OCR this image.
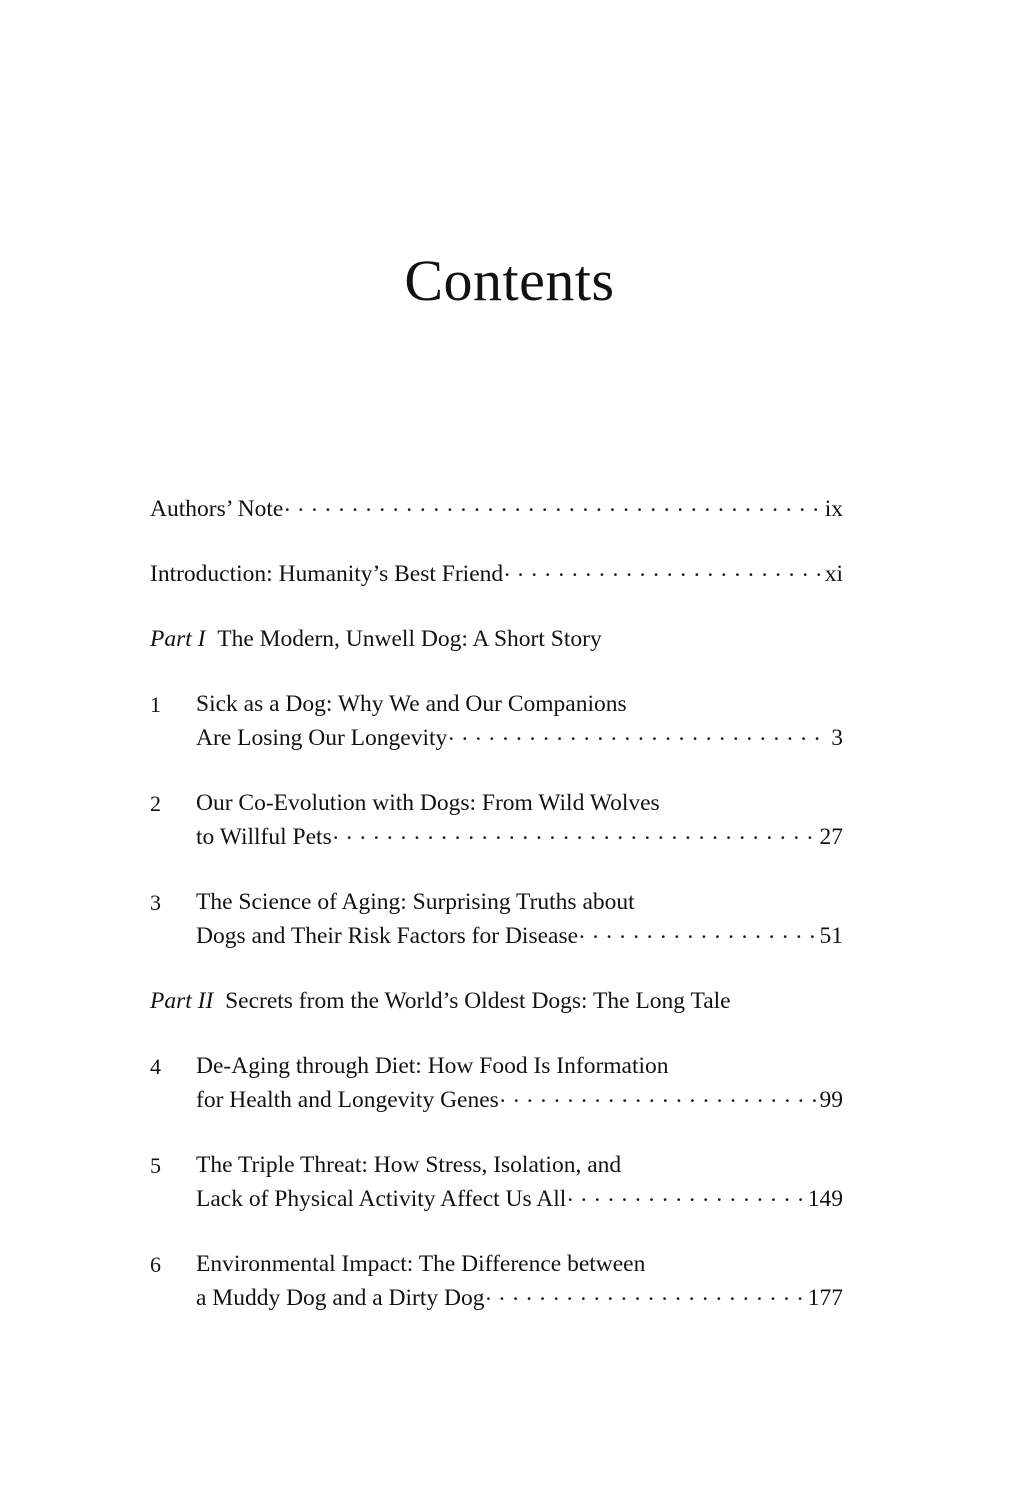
Contents
Authors’ Note . . .	ix
Introduction: Humanity’s Best Friend . . .	xi
Part I The Modern, Unwell Dog: A Short Story
1	Sick as a Dog: Why We and Our Companions
Are Losing Our Longevity . . .	3
2	Our Co-Evolution with Dogs: From Wild Wolves
to Willful Pets . . .	27
3	The Science of Aging: Surprising Truths about
Dogs and Their Risk Factors for Disease . . .	51
Part II Secrets from the World’s Oldest Dogs: The Long Tale
4	De-Aging through Diet: How Food Is Information
for Health and Longevity Genes . . .	99
5	The Triple Threat: How Stress, Isolation, and
Lack of Physical Activity Affect Us All . . .	149
6	Environmental Impact: The Difference between
a Muddy Dog and a Dirty Dog . . .	177
